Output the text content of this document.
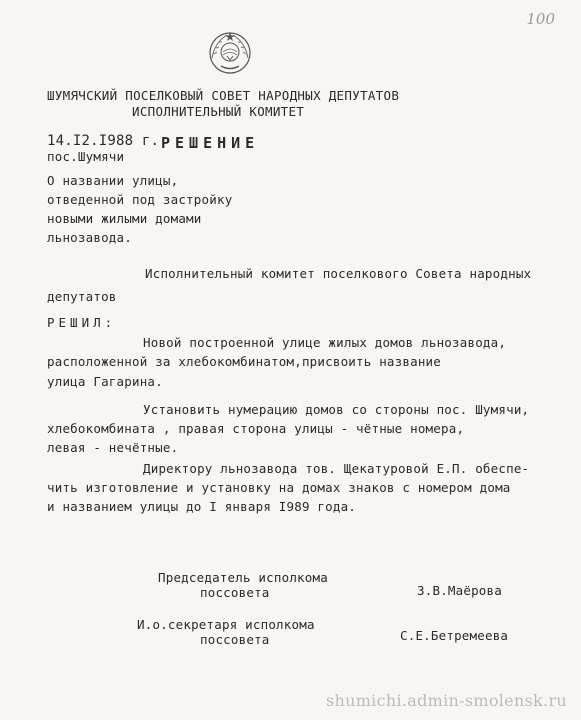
100
ШУМЯЧСКИЙ ПОСЕЛКОВЫЙ СОВЕТ НАРОДНЫХ ДЕПУТАТОВ
ИСПОЛНИТЕЛЬНЫЙ КОМИТЕТ
14.I2.I988 г. РЕШЕНИЕ
пос.Шумячи
О названии улицы,
отведенной под застройку
новыми жилыми домами
льнозавода.
Исполнительный комитет поселкового Совета народных
депутатов
РЕШИЛ:
Новой построенной улице жилых домов льнозавода,
расположенной за хлебокомбинатом,присвоить название
улица Гагарина.
Установить нумерацию домов со стороны пос. Шумячи,
хлебокомбината , правая сторона улицы - чётные номера,
левая - нечётные.
Директору льнозавода тов. Щекатуровой Е.П. обеспе-
чить изготовление и установку на домах знаков с номером дома
и названием улицы до I января I989 года.
Председатель исполкома
поссовета	З.В.Маёрова
И.о.секретаря исполкома
поссовета	С.Е.Бетремеева
shumichi.admin-smolensk.ru
